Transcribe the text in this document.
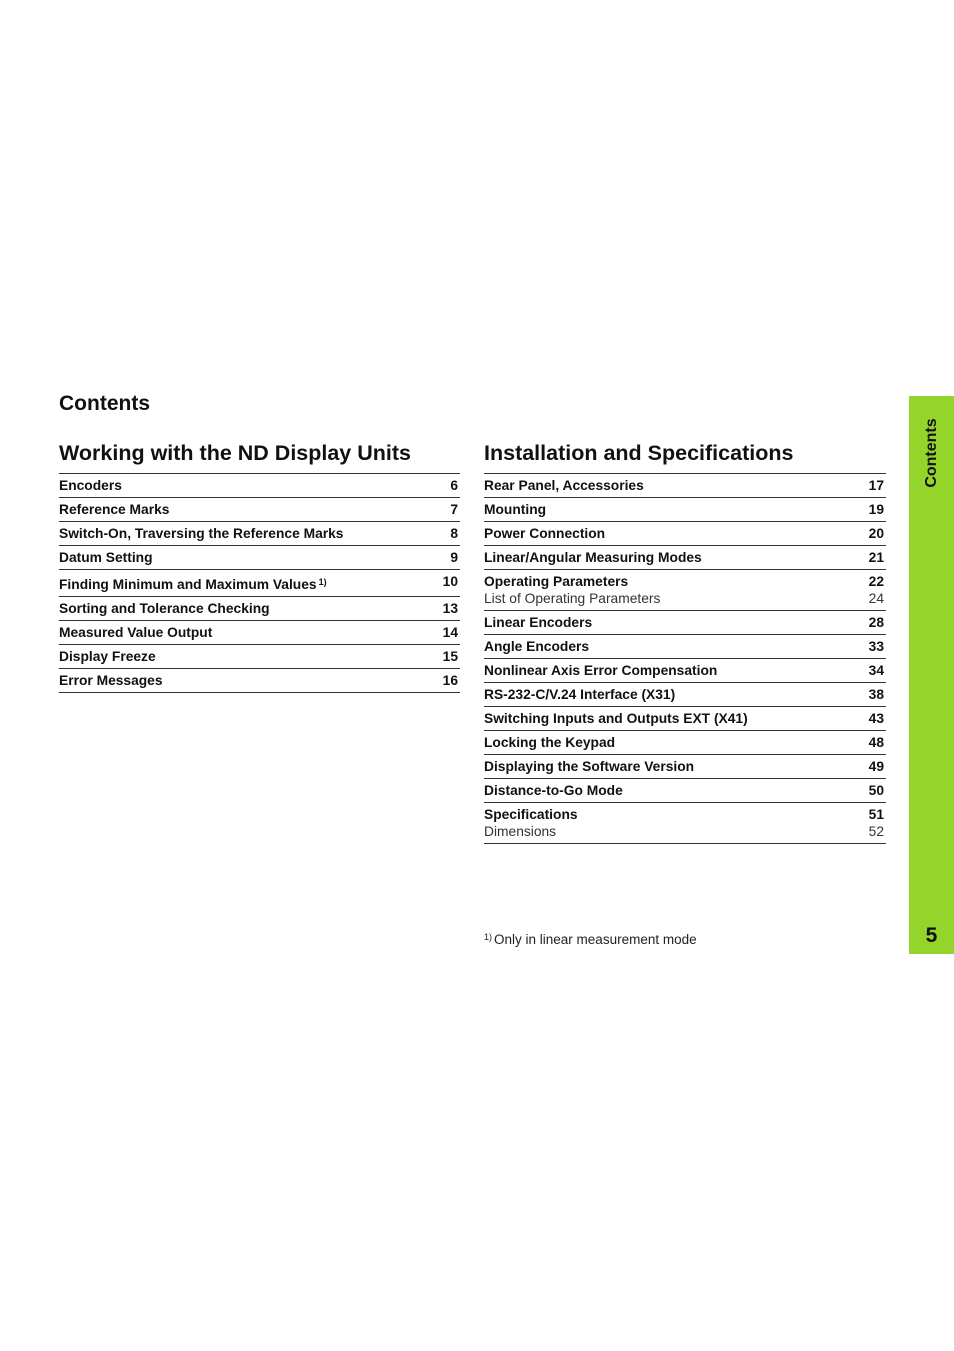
Contents
Working with the ND Display Units	Installation and Specifications
Encoders	6
Reference Marks	7
Switch-On, Traversing the Reference Marks	8
Datum Setting	9
Finding Minimum and Maximum Values $^{1)}$	10
Sorting and Tolerance Checking	13
Measured Value Output	14
Display Freeze	15
Error Messages	16
Rear Panel, Accessories	17
Mounting	19
Power Connection	20
Linear/Angular Measuring Modes	21
Operating Parameters	22
List of Operating Parameters	24
Linear Encoders	28
Angle Encoders	33
Nonlinear Axis Error Compensation	34
RS-232-C/V.24 Interface (X31)	38
Switching Inputs and Outputs EXT (X41)	43
Locking the Keypad	48
Displaying the Software Version	49
Distance-to-Go Mode	50
Specifications	51
Dimensions	52
$^{1)}$ Only in linear measurement mode
Contents
5
